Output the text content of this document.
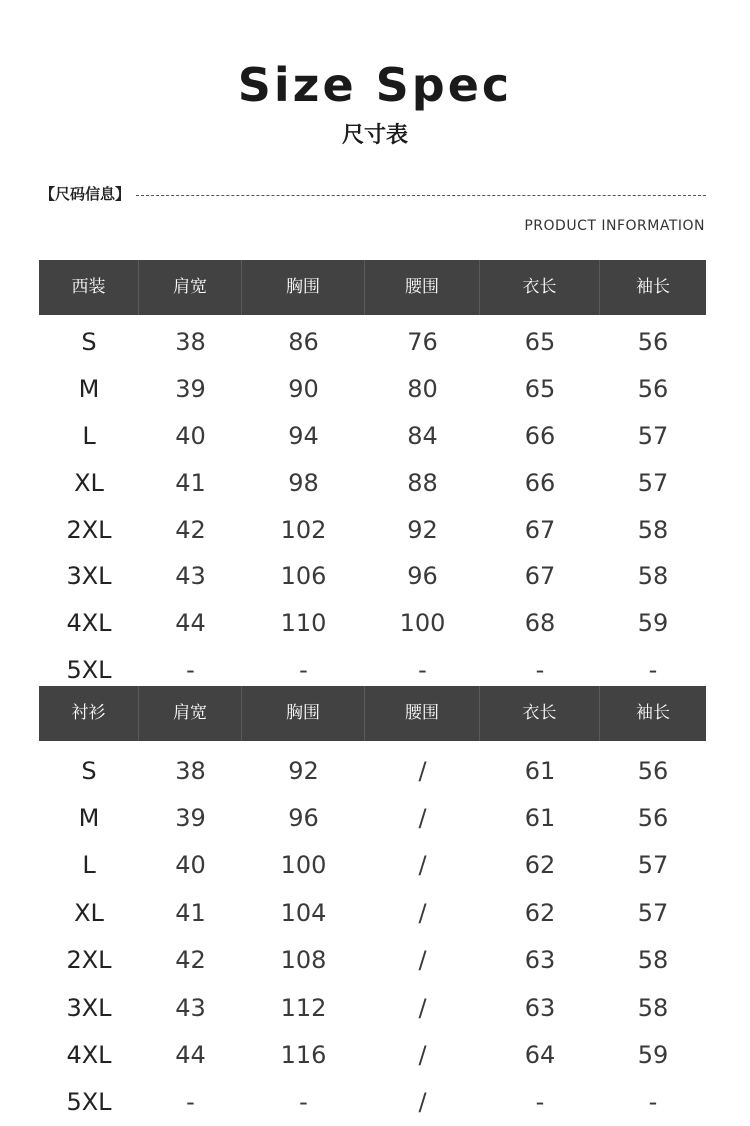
Size Spec
尺寸表
【尺码信息】
PRODUCT INFORMATION
西装	肩宽	胸围	腰围	衣长	袖长
S	38	86	76	65	56
M	39	90	80	65	56
L	40	94	84	66	57
XL	41	98	88	66	57
2XL	42	102	92	67	58
3XL	43	106	96	67	58
4XL	44	110	100	68	59
5XL	-	-	-	-	-
衬衫	肩宽	胸围	腰围	衣长	袖长
S	38	92	/	61	56
M	39	96	/	61	56
L	40	100	/	62	57
XL	41	104	/	62	57
2XL	42	108	/	63	58
3XL	43	112	/	63	58
4XL	44	116	/	64	59
5XL	-	-	/	-	-
